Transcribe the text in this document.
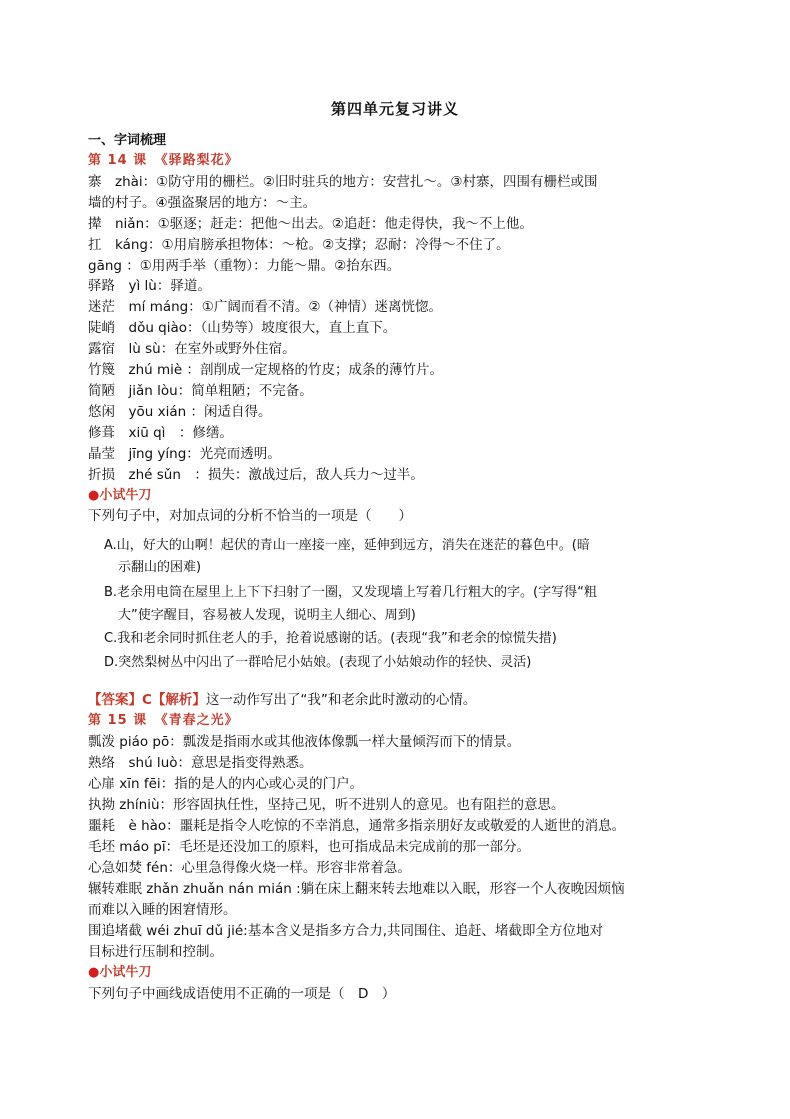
第四单元复习讲义
一、字词梳理
第 14 课　《驿路梨花》
寨　zhài：①防守用的栅栏。②旧时驻兵的地方：安营扎～。③村寨，四围有栅栏或围
墙的村子。④强盗聚居的地方：～主。
撵　niǎn：①驱逐；赶走：把他～出去。②追赶：他走得快，我～不上他。
扛　káng：①用肩膀承担物体：～枪。②支撑；忍耐：冷得～不住了。
gāng ：①用两手举（重物）：力能～鼎。②抬东西。
驿路　yì lù：驿道。
迷茫　mí máng：①广阔而看不清。②（神情）迷离恍惚。
陡峭　dǒu qiào：（山势等）坡度很大，直上直下。
露宿　lù sù：在室外或野外住宿。
竹篾　zhú miè ：剖削成一定规格的竹皮；成条的薄竹片。
简陋　jiǎn lòu：简单粗陋；不完备。
悠闲　yōu xián ：闲适自得。
修葺　xiū qì　：修缮。
晶莹　jīng yíng：光亮而透明。
折损　zhé sǔn　：损失：激战过后，敌人兵力～过半。
●小试牛刀
下列句子中，对加点词的分析不恰当的一项是（　　）
A.山，好大的山啊！起伏的青山一座接一座，延伸到远方，消失在迷茫的暮色中。(暗
示翻山的困难)
B.老余用电筒在屋里上上下下扫射了一圈，又发现墙上写着几行粗大的字。(字写得“粗
大”使字醒目，容易被人发现，说明主人细心、周到)
C.我和老余同时抓住老人的手，抢着说感谢的话。(表现“我”和老余的惊慌失措)
D.突然梨树丛中闪出了一群哈尼小姑娘。(表现了小姑娘动作的轻快、灵活)
【答案】C【解析】这一动作写出了“我”和老余此时激动的心情。
第 15 课　《青春之光》
瓢泼 piáo pō：瓢泼是指雨水或其他液体像瓢一样大量倾泻而下的情景。
熟络　shú luò：意思是指变得熟悉。
心扉 xīn fēi：指的是人的内心或心灵的门户。
执拗 zhíniù：形容固执任性，坚持己见，听不进别人的意见。也有阻拦的意思。
噩耗　è hào：噩耗是指令人吃惊的不幸消息，通常多指亲朋好友或敬爱的人逝世的消息。
毛坯 máo pī：毛坯是还没加工的原料，也可指成品未完成前的那一部分。
心急如焚 fén：心里急得像火烧一样。形容非常着急。
辗转难眠 zhǎn zhuǎn nán mián :躺在床上翻来转去地难以入眠，形容一个人夜晚因烦恼
而难以入睡的困窘情形。
围追堵截 wéi zhuī dǔ jié:基本含义是指多方合力,共同围住、追赶、堵截即全方位地对
目标进行压制和控制。
●小试牛刀
下列句子中画线成语使用不正确的一项是（　D　）
